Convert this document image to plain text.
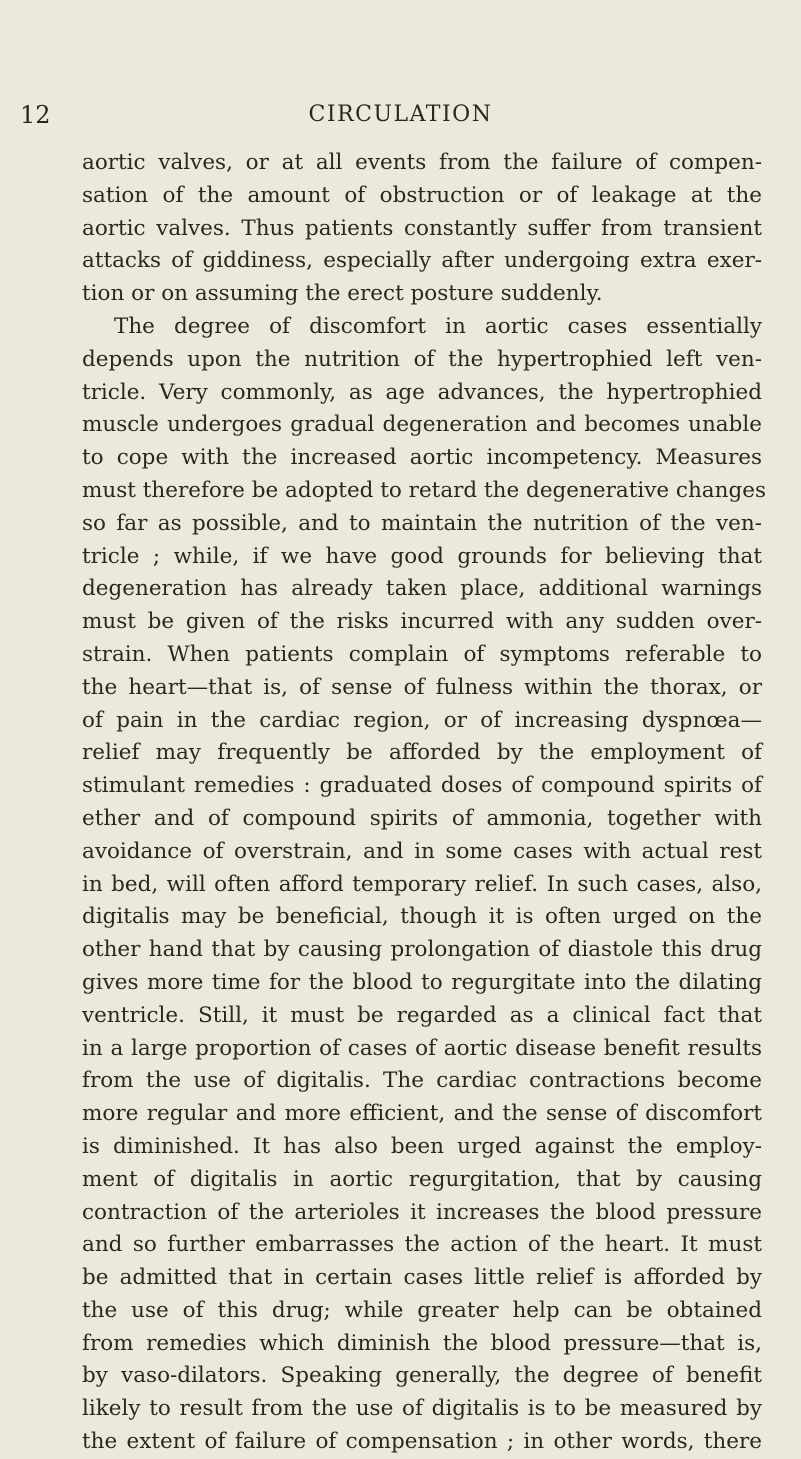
12	CIRCULATION
aortic valves, or at all events from the failure of compen-
sation of the amount of obstruction or of leakage at the
aortic valves. Thus patients constantly suffer from transient
attacks of giddiness, especially after undergoing extra exer-
tion or on assuming the erect posture suddenly.
The degree of discomfort in aortic cases essentially
depends upon the nutrition of the hypertrophied left ven-
tricle. Very commonly, as age advances, the hypertrophied
muscle undergoes gradual degeneration and becomes unable
to cope with the increased aortic incompetency. Measures
must therefore be adopted to retard the degenerative changes
so far as possible, and to maintain the nutrition of the ven-
tricle ; while, if we have good grounds for believing that
degeneration has already taken place, additional warnings
must be given of the risks incurred with any sudden over-
strain. When patients complain of symptoms referable to
the heart—that is, of sense of fulness within the thorax, or
of pain in the cardiac region, or of increasing dyspnœa—
relief may frequently be afforded by the employment of
stimulant remedies : graduated doses of compound spirits of
ether and of compound spirits of ammonia, together with
avoidance of overstrain, and in some cases with actual rest
in bed, will often afford temporary relief. In such cases, also,
digitalis may be beneficial, though it is often urged on the
other hand that by causing prolongation of diastole this drug
gives more time for the blood to regurgitate into the dilating
ventricle. Still, it must be regarded as a clinical fact that
in a large proportion of cases of aortic disease benefit results
from the use of digitalis. The cardiac contractions become
more regular and more efficient, and the sense of discomfort
is diminished. It has also been urged against the employ-
ment of digitalis in aortic regurgitation, that by causing
contraction of the arterioles it increases the blood pressure
and so further embarrasses the action of the heart. It must
be admitted that in certain cases little relief is afforded by
the use of this drug; while greater help can be obtained
from remedies which diminish the blood pressure—that is,
by vaso-dilators. Speaking generally, the degree of benefit
likely to result from the use of digitalis is to be measured by
the extent of failure of compensation ; in other words, there
